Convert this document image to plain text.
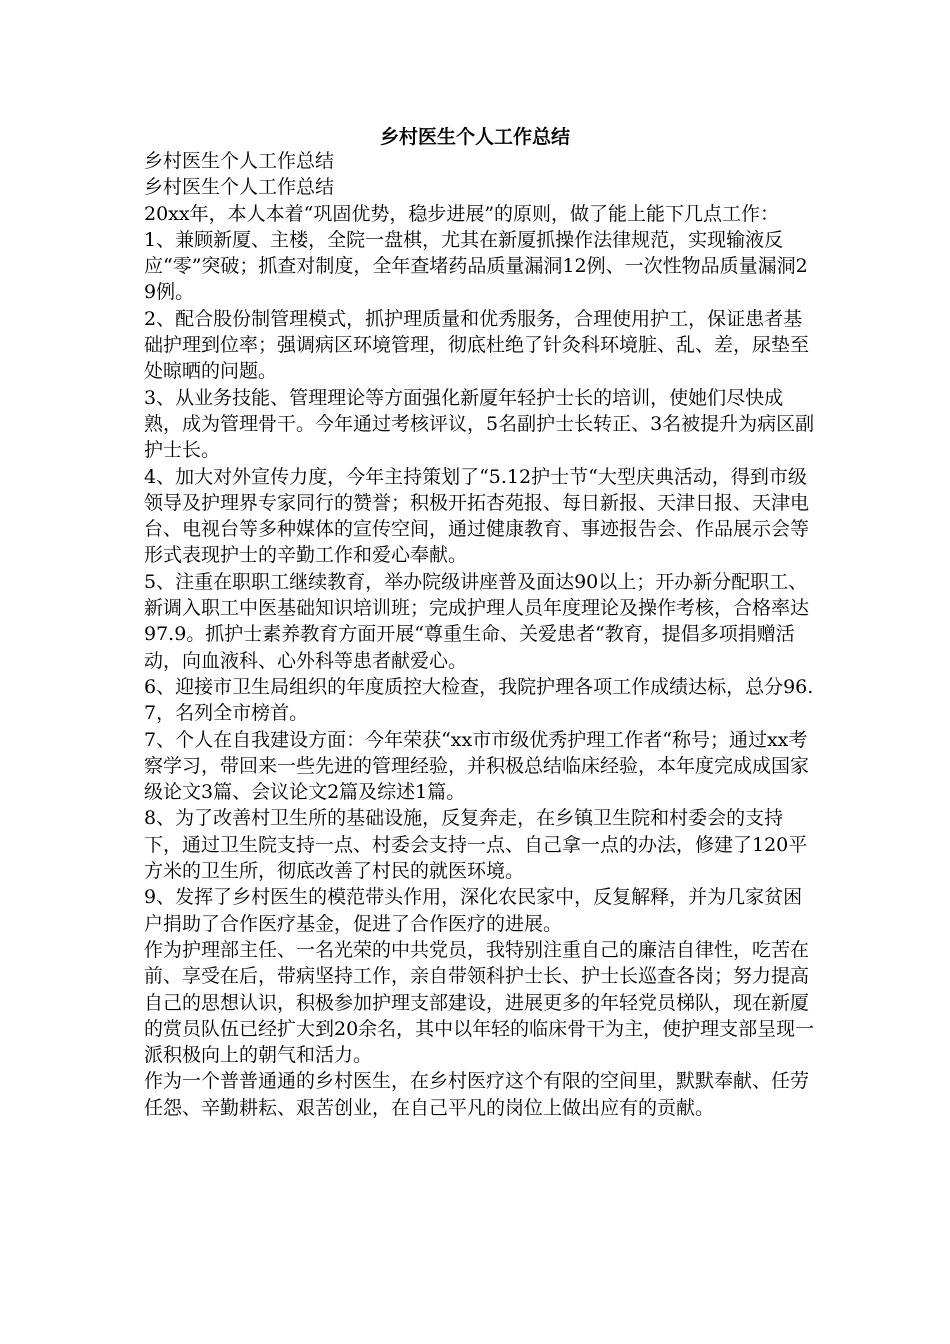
乡村医生个人工作总结

乡村医生个人工作总结

乡村医生个人工作总结

20xx年，本人本着“巩固优势，稳步进展”的原则，做了能上能下几点工作：

1、兼顾新厦、主楼，全院一盘棋，尤其在新厦抓操作法律规范，实现输液反应“零”突破；抓查对制度，全年查堵药品质量漏洞12例、一次性物品质量漏洞29例。

2、配合股份制管理模式，抓护理质量和优秀服务，合理使用护工，保证患者基础护理到位率；强调病区环境管理，彻底杜绝了针灸科环境脏、乱、差，尿垫至处晾晒的问题。

3、从业务技能、管理理论等方面强化新厦年轻护士长的培训，使她们尽快成熟，成为管理骨干。今年通过考核评议，5名副护士长转正、3名被提升为病区副护士长。

4、加大对外宣传力度，今年主持策划了“5.12护士节“大型庆典活动，得到市级领导及护理界专家同行的赞誉；积极开拓杏苑报、每日新报、天津日报、天津电台、电视台等多种媒体的宣传空间，通过健康教育、事迹报告会、作品展示会等形式表现护士的辛勤工作和爱心奉献。

5、注重在职职工继续教育，举办院级讲座普及面达90以上；开办新分配职工、新调入职工中医基础知识培训班；完成护理人员年度理论及操作考核，合格率达97.9。抓护士素养教育方面开展“尊重生命、关爱患者“教育，提倡多项捐赠活动，向血液科、心外科等患者献爱心。

6、迎接市卫生局组织的年度质控大检查，我院护理各项工作成绩达标，总分96.7，名列全市榜首。

7、个人在自我建设方面：今年荣获“xx市市级优秀护理工作者“称号；通过xx考察学习，带回来一些先进的管理经验，并积极总结临床经验，本年度完成成国家级论文3篇、会议论文2篇及综述1篇。

8、为了改善村卫生所的基础设施，反复奔走，在乡镇卫生院和村委会的支持下，通过卫生院支持一点、村委会支持一点、自己拿一点的办法，修建了120平方米的卫生所，彻底改善了村民的就医环境。

9、发挥了乡村医生的模范带头作用，深化农民家中，反复解释，并为几家贫困户捐助了合作医疗基金，促进了合作医疗的进展。

作为护理部主任、一名光荣的中共党员，我特别注重自己的廉洁自律性，吃苦在前、享受在后，带病坚持工作，亲自带领科护士长、护士长巡查各岗；努力提高自己的思想认识，积极参加护理支部建设，进展更多的年轻党员梯队，现在新厦的赏员队伍已经扩大到20余名，其中以年轻的临床骨干为主，使护理支部呈现一派积极向上的朝气和活力。

作为一个普普通通的乡村医生，在乡村医疗这个有限的空间里，默默奉献、任劳任怨、辛勤耕耘、艰苦创业，在自己平凡的岗位上做出应有的贡献。
